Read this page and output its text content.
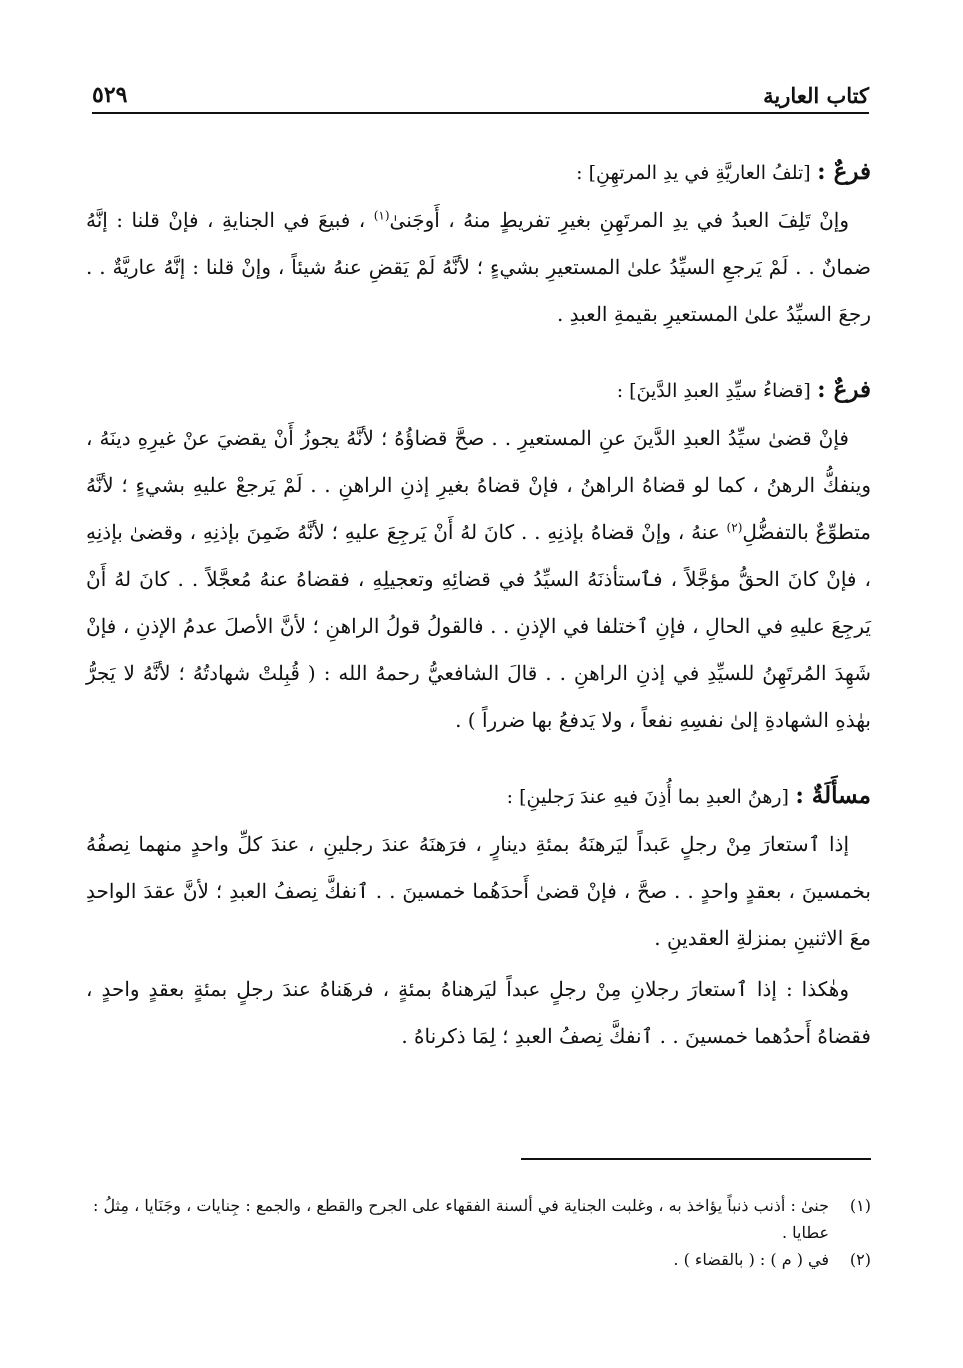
كتاب العارية
٥٢٩

فرعٌ : [تلفُ العاريَّةِ في يدِ المرتهِنِ] :

وإنْ تَلِفَ العبدُ في يدِ المرتَهِنِ بغيرِ تفريطٍ منهُ ، أَوجَنىٰ$^{(١)}$ ، فبيعَ في الجنايةِ ، فإنْ قلنا : إنَّهُ ضمانٌ . . لَمْ يَرجعِ السيِّدُ علىٰ المستعيرِ بشيءٍ ؛ لأنَّهُ لَمْ يَقضِ عنهُ شيئاً ، وإنْ قلنا : إنَّهُ عاريَّةٌ . . رجعَ السيِّدُ علىٰ المستعيرِ بقيمةِ العبدِ .

فرعٌ : [قضاءُ سيِّدِ العبدِ الدَّينَ] :

فإنْ قضىٰ سيِّدُ العبدِ الدَّينَ عنِ المستعيرِ . . صحَّ قضاؤُهُ ؛ لأنَّهُ يجوزُ أَنْ يقضيَ عنْ غيرِهِ دينَهُ ، وينفكُّ الرهنُ ، كما لو قضاهُ الراهنُ ، فإنْ قضاهُ بغيرِ إذنِ الراهنِ . . لَمْ يَرجعْ عليهِ بشيءٍ ؛ لأنَّهُ متطوِّعٌ بالتفضُّلِ$^{(٢)}$ عنهُ ، وإنْ قضاهُ بإذنِهِ . . كانَ لهُ أَنْ يَرجِعَ عليهِ ؛ لأنَّهُ ضَمِنَ بإذنِهِ ، وقضىٰ بإذنِهِ ، فإنْ كانَ الحقُّ مؤجَّلاً ، فٱستأذنَهُ السيِّدُ في قضائِهِ وتعجيلِهِ ، فقضاهُ عنهُ مُعجَّلاً . . كانَ لهُ أَنْ يَرجِعَ عليهِ في الحالِ ، فإنِ ٱختلفا في الإذنِ . . فالقولُ قولُ الراهنِ ؛ لأنَّ الأصلَ عدمُ الإذنِ ، فإنْ شَهِدَ المُرتَهِنُ للسيِّدِ في إذنِ الراهنِ . . قالَ الشافعيُّ رحمهُ الله : ( قُبِلتْ شهادتُهُ ؛ لأنَّهُ لا يَجرُّ بهٰذهِ الشهادةِ إلىٰ نفسِهِ نفعاً ، ولا يَدفعُ بها ضرراً ) .

مسأَلَةٌ : [رهنُ العبدِ بما أُذِنَ فيهِ عندَ رَجلينِ] :

إذا ٱستعارَ مِنْ رجلٍ عَبداً ليَرهنَهُ بمئةِ دينارٍ ، فرَهنَهُ عندَ رجلينِ ، عندَ كلِّ واحدٍ منهما نِصفُهُ بخمسينَ ، بعقدٍ واحدٍ . . صحَّ ، فإنْ قضىٰ أَحدَهُما خمسينَ . . ٱنفكَّ نِصفُ العبدِ ؛ لأنَّ عقدَ الواحدِ معَ الاثنينِ بمنزلةِ العقدينِ .

وهٰكذا : إذا ٱستعارَ رجلانِ مِنْ رجلٍ عبداً ليَرهناهُ بمئةٍ ، فرهَناهُ عندَ رجلٍ بمئةٍ بعقدٍ واحدٍ ، فقضاهُ أَحدُهما خمسينَ . . ٱنفكَّ نِصفُ العبدِ ؛ لِمَا ذكرناهُ .

(١)
جنىٰ : أذنب ذنباً يؤاخذ به ، وغلبت الجناية في ألسنة الفقهاء على الجرح والقطع ، والجمع : جِنايات ، وجَنَايا ، مِثلُ : عطايا .
(٢)
في ( م ) : ( بالقضاء ) .
